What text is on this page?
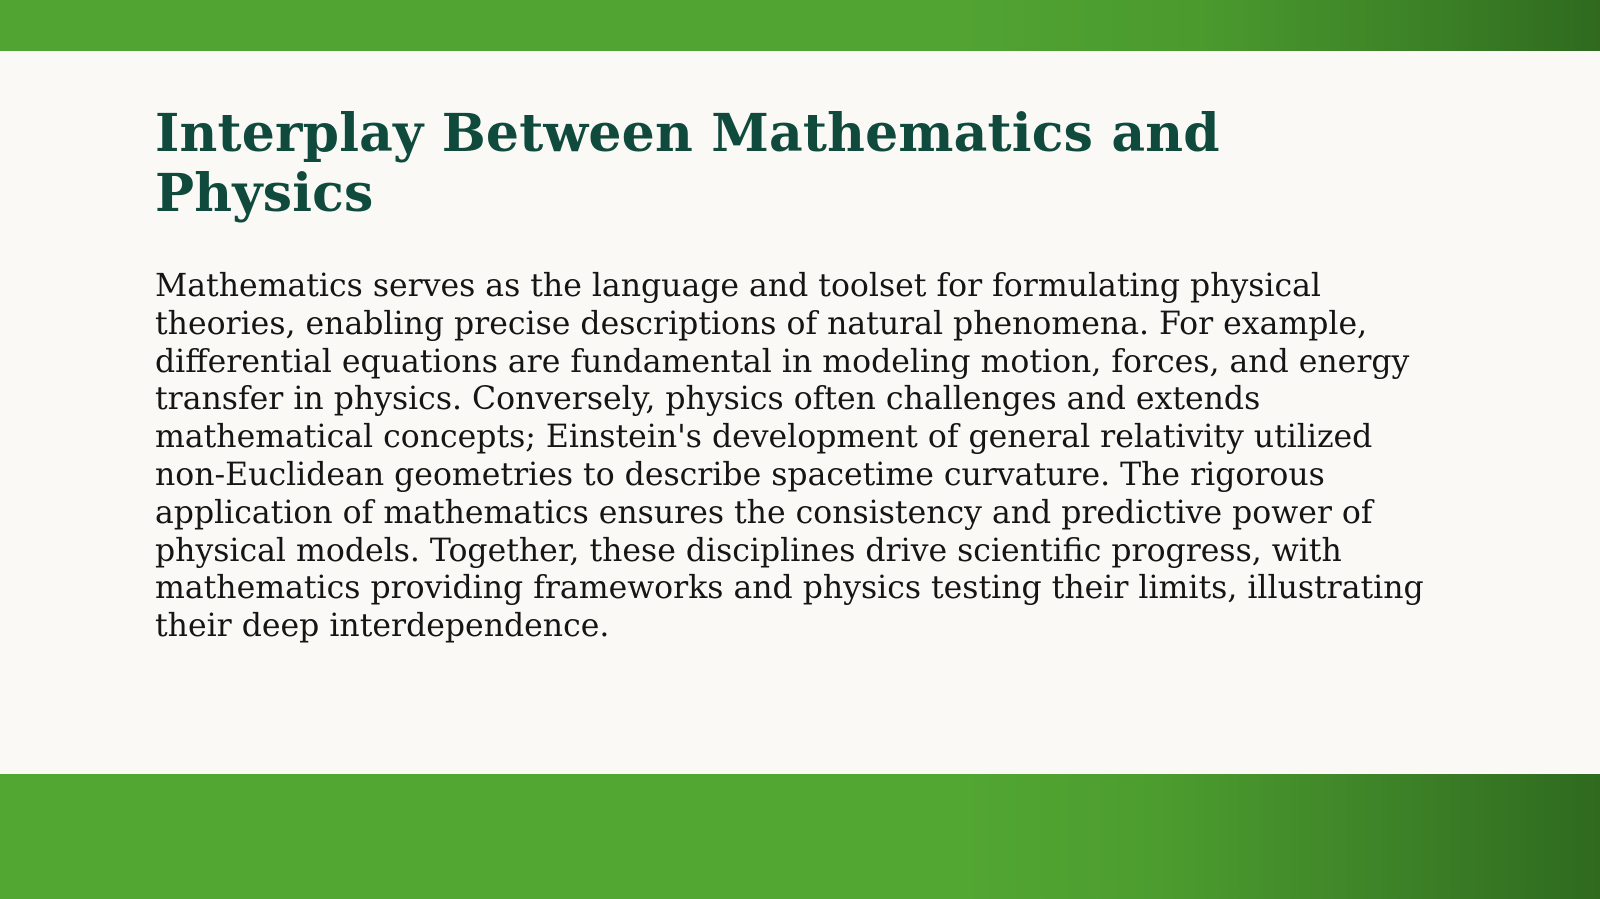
Interplay Between Mathematics and Physics

Mathematics serves as the language and toolset for formulating physical theories, enabling precise descriptions of natural phenomena. For example, differential equations are fundamental in modeling motion, forces, and energy transfer in physics. Conversely, physics often challenges and extends mathematical concepts; Einstein's development of general relativity utilized non-Euclidean geometries to describe spacetime curvature. The rigorous application of mathematics ensures the consistency and predictive power of physical models. Together, these disciplines drive scientific progress, with mathematics providing frameworks and physics testing their limits, illustrating their deep interdependence.
